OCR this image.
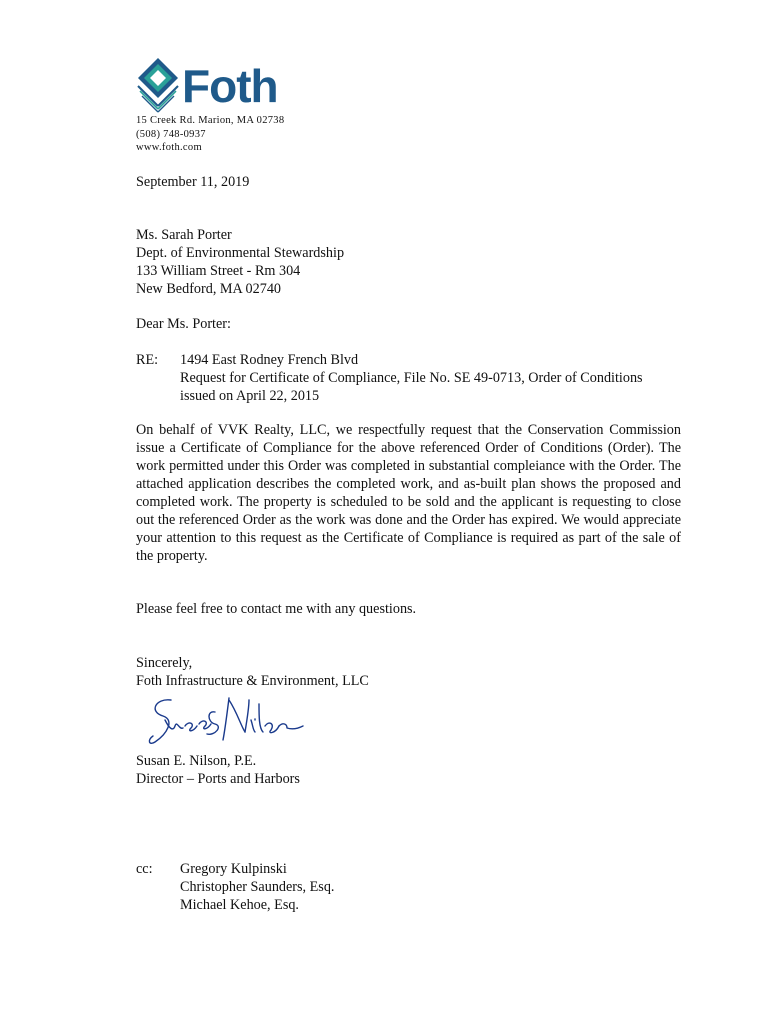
Foth
15 Creek Rd. Marion, MA 02738
(508) 748-0937
www.foth.com
September 11, 2019
Ms. Sarah Porter
Dept. of Environmental Stewardship
133 William Street - Rm 304
New Bedford, MA 02740
Dear Ms. Porter:
RE: 1494 East Rodney French Blvd
Request for Certificate of Compliance, File No. SE 49-0713, Order of Conditions
issued on April 22, 2015
On behalf of VVK Realty, LLC, we respectfully request that the Conservation Commission issue a Certificate of Compliance for the above referenced Order of Conditions (Order). The work permitted under this Order was completed in substantial compleiance with the Order. The attached application describes the completed work, and as-built plan shows the proposed and completed work. The property is scheduled to be sold and the applicant is requesting to close out the referenced Order as the work was done and the Order has expired. We would appreciate your attention to this request as the Certificate of Compliance is required as part of the sale of the property.
Please feel free to contact me with any questions.
Sincerely,
Foth Infrastructure & Environment, LLC
Susan E. Nilson, P.E.
Director – Ports and Harbors
cc: Gregory Kulpinski
Christopher Saunders, Esq.
Michael Kehoe, Esq.
